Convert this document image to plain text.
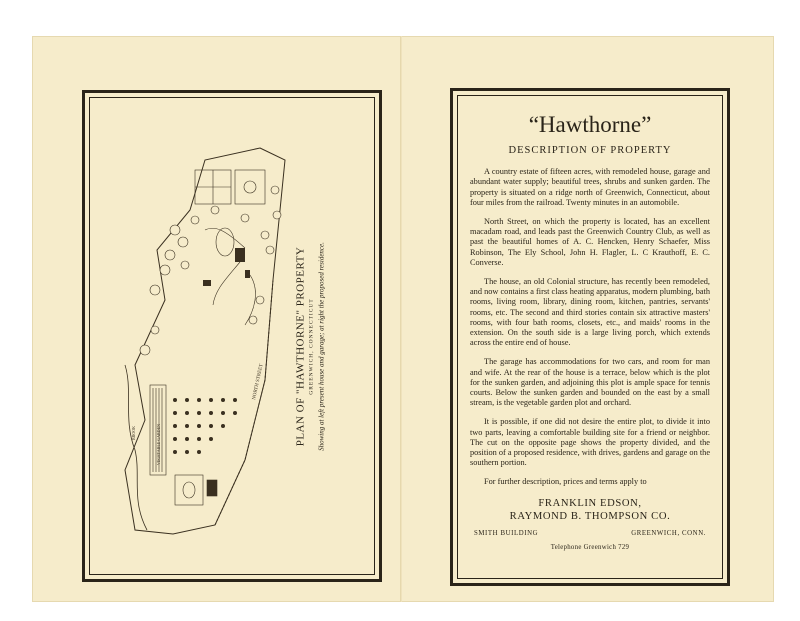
NORTH STREET
VEGETABLE GARDEN
BROOK	PLAN OF "HAWTHORNE" PROPERTY GREENWICH, CONNECTICUT Showing at left present house and garage; at right the proposed residence.
“Hawthorne”
DESCRIPTION OF PROPERTY

A country estate of fifteen acres, with remodeled house, garage and abundant water supply; beautiful trees, shrubs and sunken garden. The property is situated on a ridge north of Greenwich, Connecticut, about four miles from the railroad. Twenty minutes in an automobile.

North Street, on which the property is located, has an excellent macadam road, and leads past the Greenwich Country Club, as well as past the beautiful homes of A. C. Hencken, Henry Schaefer, Miss Robinson, The Ely School, John H. Flagler, L. C Krauthoff, E. C. Converse.

The house, an old Colonial structure, has recently been remodeled, and now contains a first class heating apparatus, modern plumbing, bath rooms, living room, library, dining room, kitchen, pantries, servants' rooms, etc. The second and third stories contain six attractive masters' rooms, with four bath rooms, closets, etc., and maids' rooms in the extension. On the south side is a large living porch, which extends across the entire end of house.

The garage has accommodations for two cars, and room for man and wife. At the rear of the house is a terrace, below which is the plot for the sunken garden, and adjoining this plot is ample space for tennis courts. Below the sunken garden and bounded on the east by a small stream, is the vegetable garden plot and orchard.

It is possible, if one did not desire the entire plot, to divide it into two parts, leaving a comfortable building site for a friend or neighbor. The cut on the opposite page shows the property divided, and the position of a proposed residence, with drives, gardens and garage on the southern portion.

For further description, prices and terms apply to

FRANKLIN EDSON,
RAYMOND B. THOMPSON CO.
SMITH BUILDING	GREENWICH, CONN.
Telephone Greenwich 729
